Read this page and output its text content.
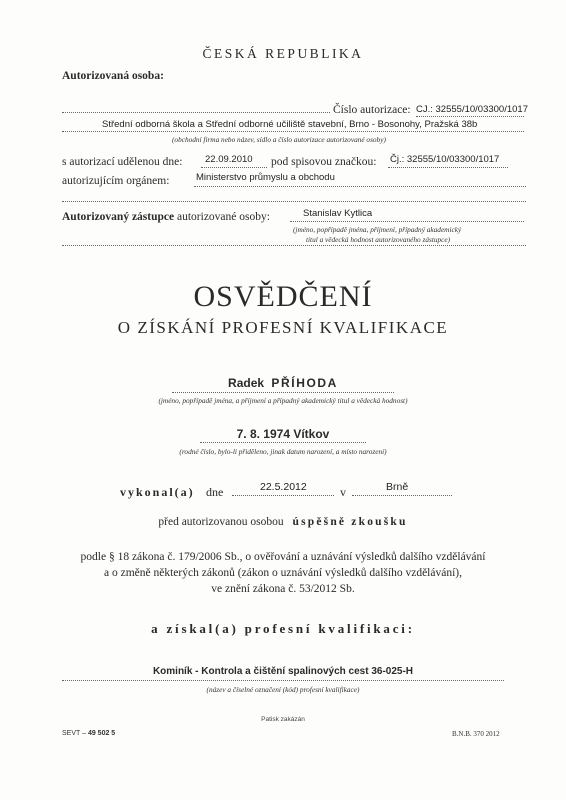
ČESKÁ REPUBLIKA
Autorizovaná osoba:
Číslo autorizace: CJ.: 32555/10/03300/1017
Střední odborná škola a Střední odborné učiliště stavební, Brno - Bosonohy, Pražská 38b
(obchodní firma nebo název, sídlo a číslo autorizace autorizované osoby)
s autorizací udělenou dne: 22.09.2010 pod spisovou značkou: Čj.: 32555/10/03300/1017
autorizujícím orgánem:	Ministerstvo průmyslu a obchodu
Autorizovaný zástupce autorizované osoby:	Stanislav Kytlica
(jméno, popřípadě jména, příjmení, případný akademický
titul a vědecká hodnost autorizovaného zástupce)
OSVĚDČENÍ
O ZÍSKÁNÍ PROFESNÍ KVALIFIKACE
Radek PŘÍHODA
(jméno, popřípadě jména, a příjmení a případný akademický titul a vědecká hodnost)
7. 8. 1974 Vítkov
(rodné číslo, bylo-li přiděleno, jinak datum narození, a místo narození)
vykonal(a) dne	22.5.2012	v	Brně
před autorizovanou osobou úspěšně zkoušku
podle § 18 zákona č. 179/2006 Sb., o ověřování a uznávání výsledků dalšího vzdělávání
a o změně některých zákonů (zákon o uznávání výsledků dalšího vzdělávání),
ve znění zákona č. 53/2012 Sb.
a získal(a) profesní kvalifikaci:
Kominík - Kontrola a čištění spalinových cest 36-025-H
(název a číselné označení (kód) profesní kvalifikace)
Patisk zakázán
SEVT – 49 502 5	B.N.B. 370 2012
